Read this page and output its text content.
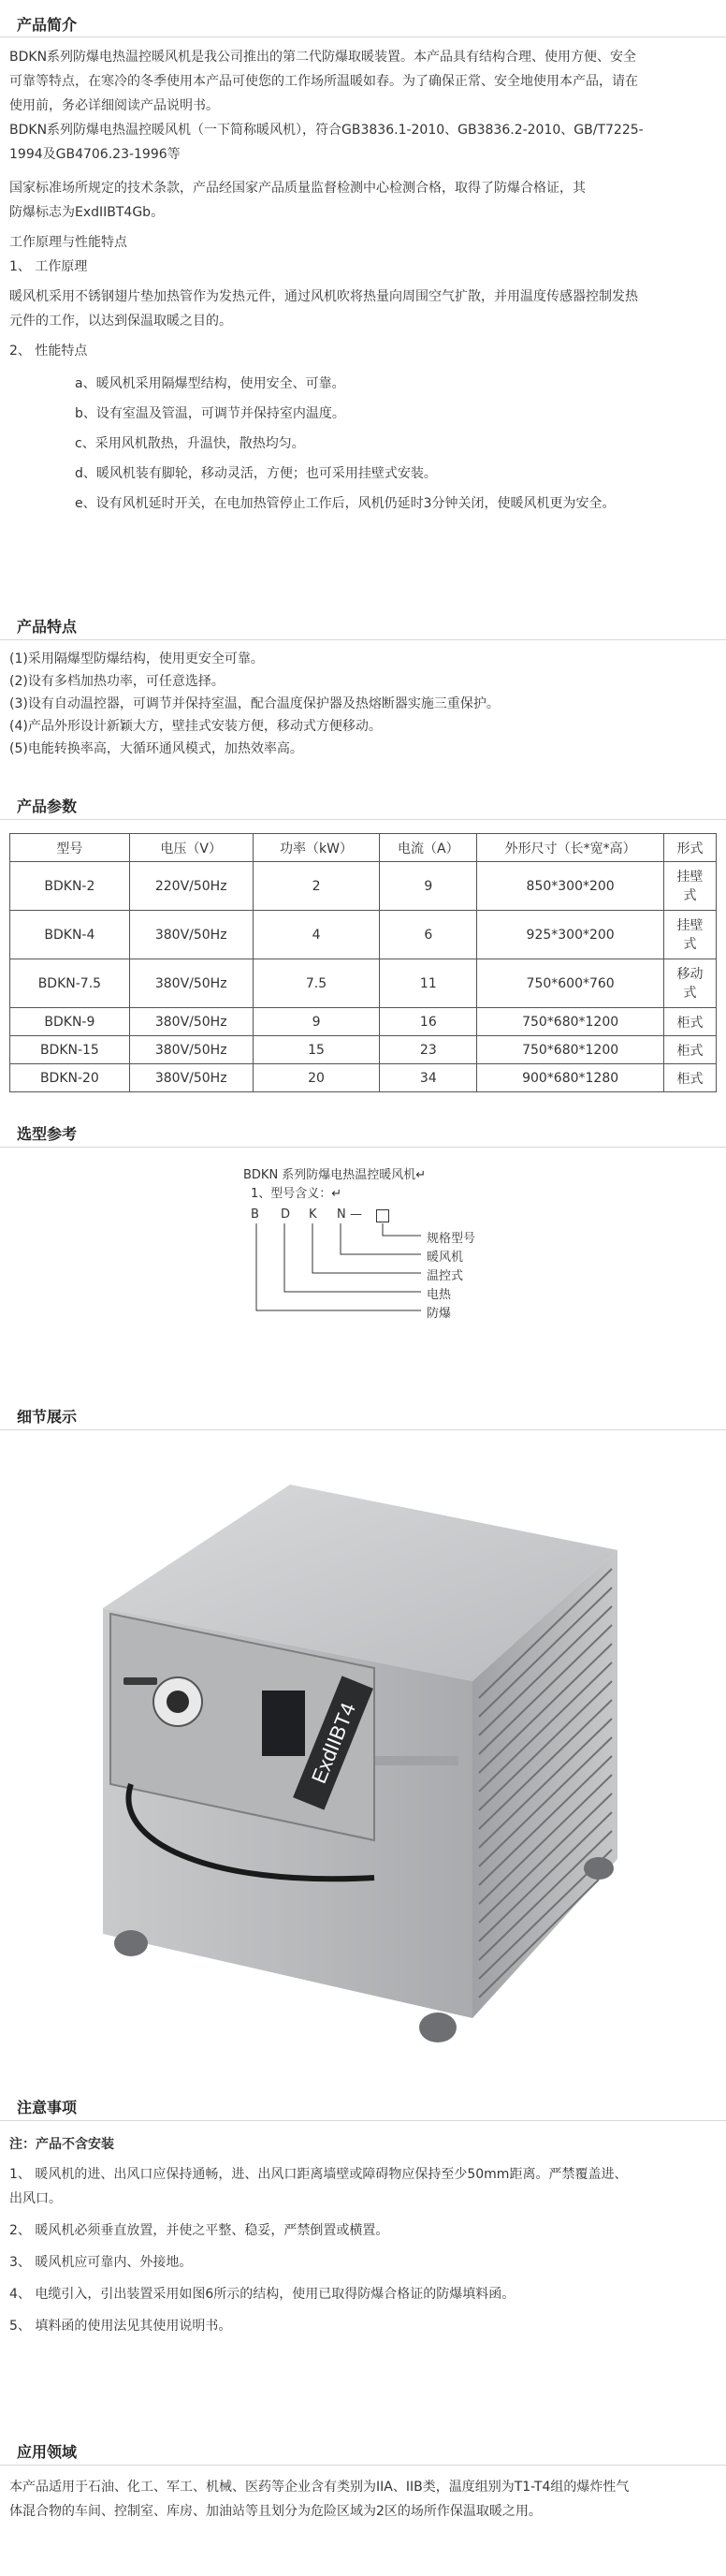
产品简介
BDKN系列防爆电热温控暖风机是我公司推出的第二代防爆取暖装置。本产品具有结构合理、使用方便、安全
可靠等特点，在寒冷的冬季使用本产品可使您的工作场所温暖如春。为了确保正常、安全地使用本产品，请在
使用前，务必详细阅读产品说明书。
BDKN系列防爆电热温控暖风机（一下简称暖风机），符合GB3836.1-2010、GB3836.2-2010、GB/T7225-
1994及GB4706.23-1996等
国家标准场所规定的技术条款，产品经国家产品质量监督检测中心检测合格，取得了防爆合格证，其
防爆标志为ExdIIBT4Gb。
工作原理与性能特点
1、 工作原理
暖风机采用不锈钢翅片垫加热管作为发热元件，通过风机吹将热量向周围空气扩散，并用温度传感器控制发热
元件的工作，以达到保温取暖之目的。
2、 性能特点
a、暖风机采用隔爆型结构，使用安全、可靠。
b、设有室温及管温，可调节并保持室内温度。
c、采用风机散热，升温快，散热均匀。
d、暖风机装有脚轮，移动灵活，方便；也可采用挂壁式安装。
e、设有风机延时开关，在电加热管停止工作后，风机仍延时3分钟关闭，使暖风机更为安全。
产品特点
(1)采用隔爆型防爆结构，使用更安全可靠。
(2)设有多档加热功率，可任意选择。
(3)设有自动温控器，可调节并保持室温，配合温度保护器及热熔断器实施三重保护。
(4)产品外形设计新颖大方，壁挂式安装方便，移动式方便移动。
(5)电能转换率高，大循环通风模式，加热效率高。
产品参数
型号	电压（V）	功率（kW）	电流（A）	外形尺寸（长*宽*高）	形式
BDKN-2	220V/50Hz	2	9	850*300*200	挂壁式
BDKN-4	380V/50Hz	4	6	925*300*200	挂壁式
BDKN-7.5	380V/50Hz	7.5	11	750*600*760	移动式
BDKN-9	380V/50Hz	9	16	750*680*1200	柜式
BDKN-15	380V/50Hz	15	23	750*680*1200	柜式
BDKN-20	380V/50Hz	20	34	900*680*1280	柜式
选型参考
BDKN 系列防爆电热温控暖风机↵
1、型号含义：↵
B D K N —
规格型号
暖风机
温控式
电热
防爆
细节展示
ExdIIBT4
注意事项
注：产品不含安装
1、 暖风机的进、出风口应保持通畅，进、出风口距离墙壁或障碍物应保持至少50mm距离。严禁覆盖进、
出风口。
2、 暖风机必须垂直放置，并使之平整、稳妥，严禁倒置或横置。
3、 暖风机应可靠内、外接地。
4、 电缆引入，引出装置采用如图6所示的结构，使用已取得防爆合格证的防爆填料函。
5、 填料函的使用法见其使用说明书。
应用领域
本产品适用于石油、化工、军工、机械、医药等企业含有类别为IIA、IIB类，温度组别为T1-T4组的爆炸性气
体混合物的车间、控制室、库房、加油站等且划分为危险区域为2区的场所作保温取暖之用。
